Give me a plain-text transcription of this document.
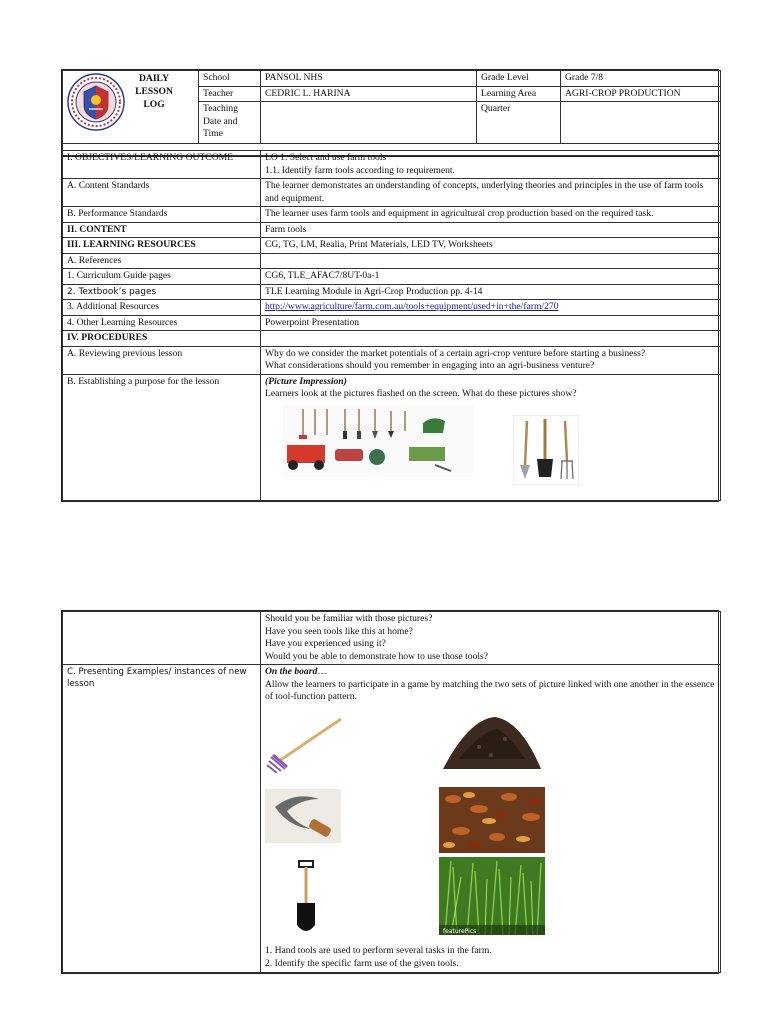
DAILY
LESSON
LOG	School	PANSOL NHS	Grade Level	Grade 7/8
	Teacher	CEDRIC L. HARINA	Learning Area	AGRI-CROP PRODUCTION

	Teaching
Date and
Time		Quarter	

I. OBJECTIVES/LEARNING OUTCOME	LO 1. Select and use farm tools
1.1. Identify farm tools according to requirement.

A. Content Standards	The learner demonstrates an understanding of concepts, underlying theories and principles in the use of farm tools and equipment.
B. Performance Standards	The learner uses farm tools and equipment in agricultural crop production based on the required task.
II. CONTENT	Farm tools
III. LEARNING RESOURCES	CG, TG, LM, Realia, Print Materials, LED TV, Worksheets
A. References	
1. Curriculum Guide pages	CG6, TLE_AFAC7/8UT-0a-1
2. Textbook’s pages	TLE Learning Module in Agri-Crop Production pp. 4-14
3. Additional Resources	http://www.agriculture/farm.com.au/tools+equipment/used+in+the/farm/270
4. Other Learning Resources	Powerpoint Presentation
IV. PROCEDURES	
A. Reviewing previous lesson	Why do we consider the market potentials of a certain agri-crop venture before starting a business?
What considerations should you remember in engaging into an agri-business venture?

B. Establishing a purpose for the lesson	(Picture Impression)
Learners look at the pictures flashed on the screen. What do these pictures show?

	Should you be familiar with those pictures?
Have you seen tools like this at home?
Have you experienced using it?
Would you be able to demonstrate how to use those tools?

C. Presenting Examples/ instances of new lesson	On the board…
Allow the learners to participate in a game by matching the two sets of picture linked with one another in the essence of tool-function pattern.
featurePics
1. Hand tools are used to perform several tasks in the farm.
2. Identify the specific farm use of the given tools.
